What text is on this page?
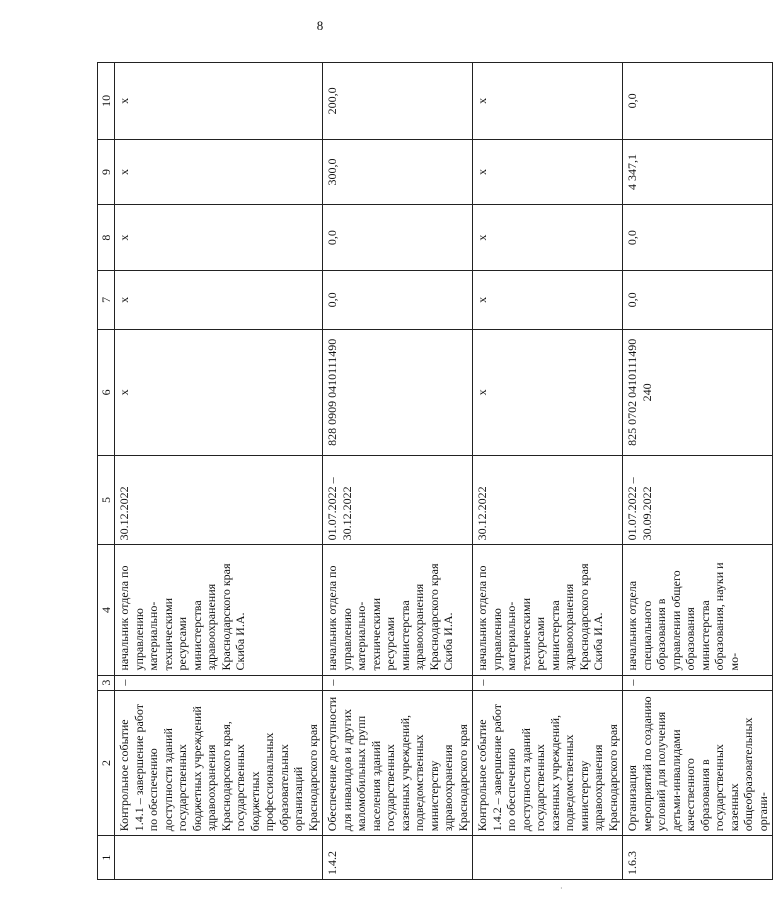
8
1	2	3	4	5	6	7	8	9	10
	Контрольное событие 1.4.1 – завершение работ по обеспечению доступности зданий государственных бюджетных учреждений здравоохранения Краснодарского края, государственных бюджетных профессиональных образовательных организаций Краснодарского края	–	начальник отдела по управлению материально-техническими ресурсами министерства здравоохранения Краснодарского края Скиба И.А.	30.12.2022	x	x	x	x	x
1.4.2	Обеспечение доступности для инвалидов и других маломобильных групп населения зданий государственных казенных учреждений, подведомственных министерству здравоохранения Краснодарского края	–	начальник отдела по управлению материально-техническими ресурсами министерства здравоохранения Краснодарского края Скиба И.А.	01.07.2022 – 30.12.2022	828 0909 0410111490	0,0	0,0	300,0	200,0
	Контрольное событие 1.4.2 – завершение работ по обеспечению доступности зданий государственных казенных учреждений, подведомственных министерству здравоохранения Краснодарского края	–	начальник отдела по управлению материально-техническими ресурсами министерства здравоохранения Краснодарского края Скиба И.А.	30.12.2022	x	x	x	x	x
1.6.3	Организация мероприятий по созданию условий для получения детьми-инвалидами качественного образования в государственных казенных общеобразовательных органи-	–	начальник отдела специального образования в управлении общего образования министерства образования, науки и мо-	01.07.2022 – 30.09.2022	825 0702 0410111490 240	0,0	0,0	4 347,1	0,0
·
